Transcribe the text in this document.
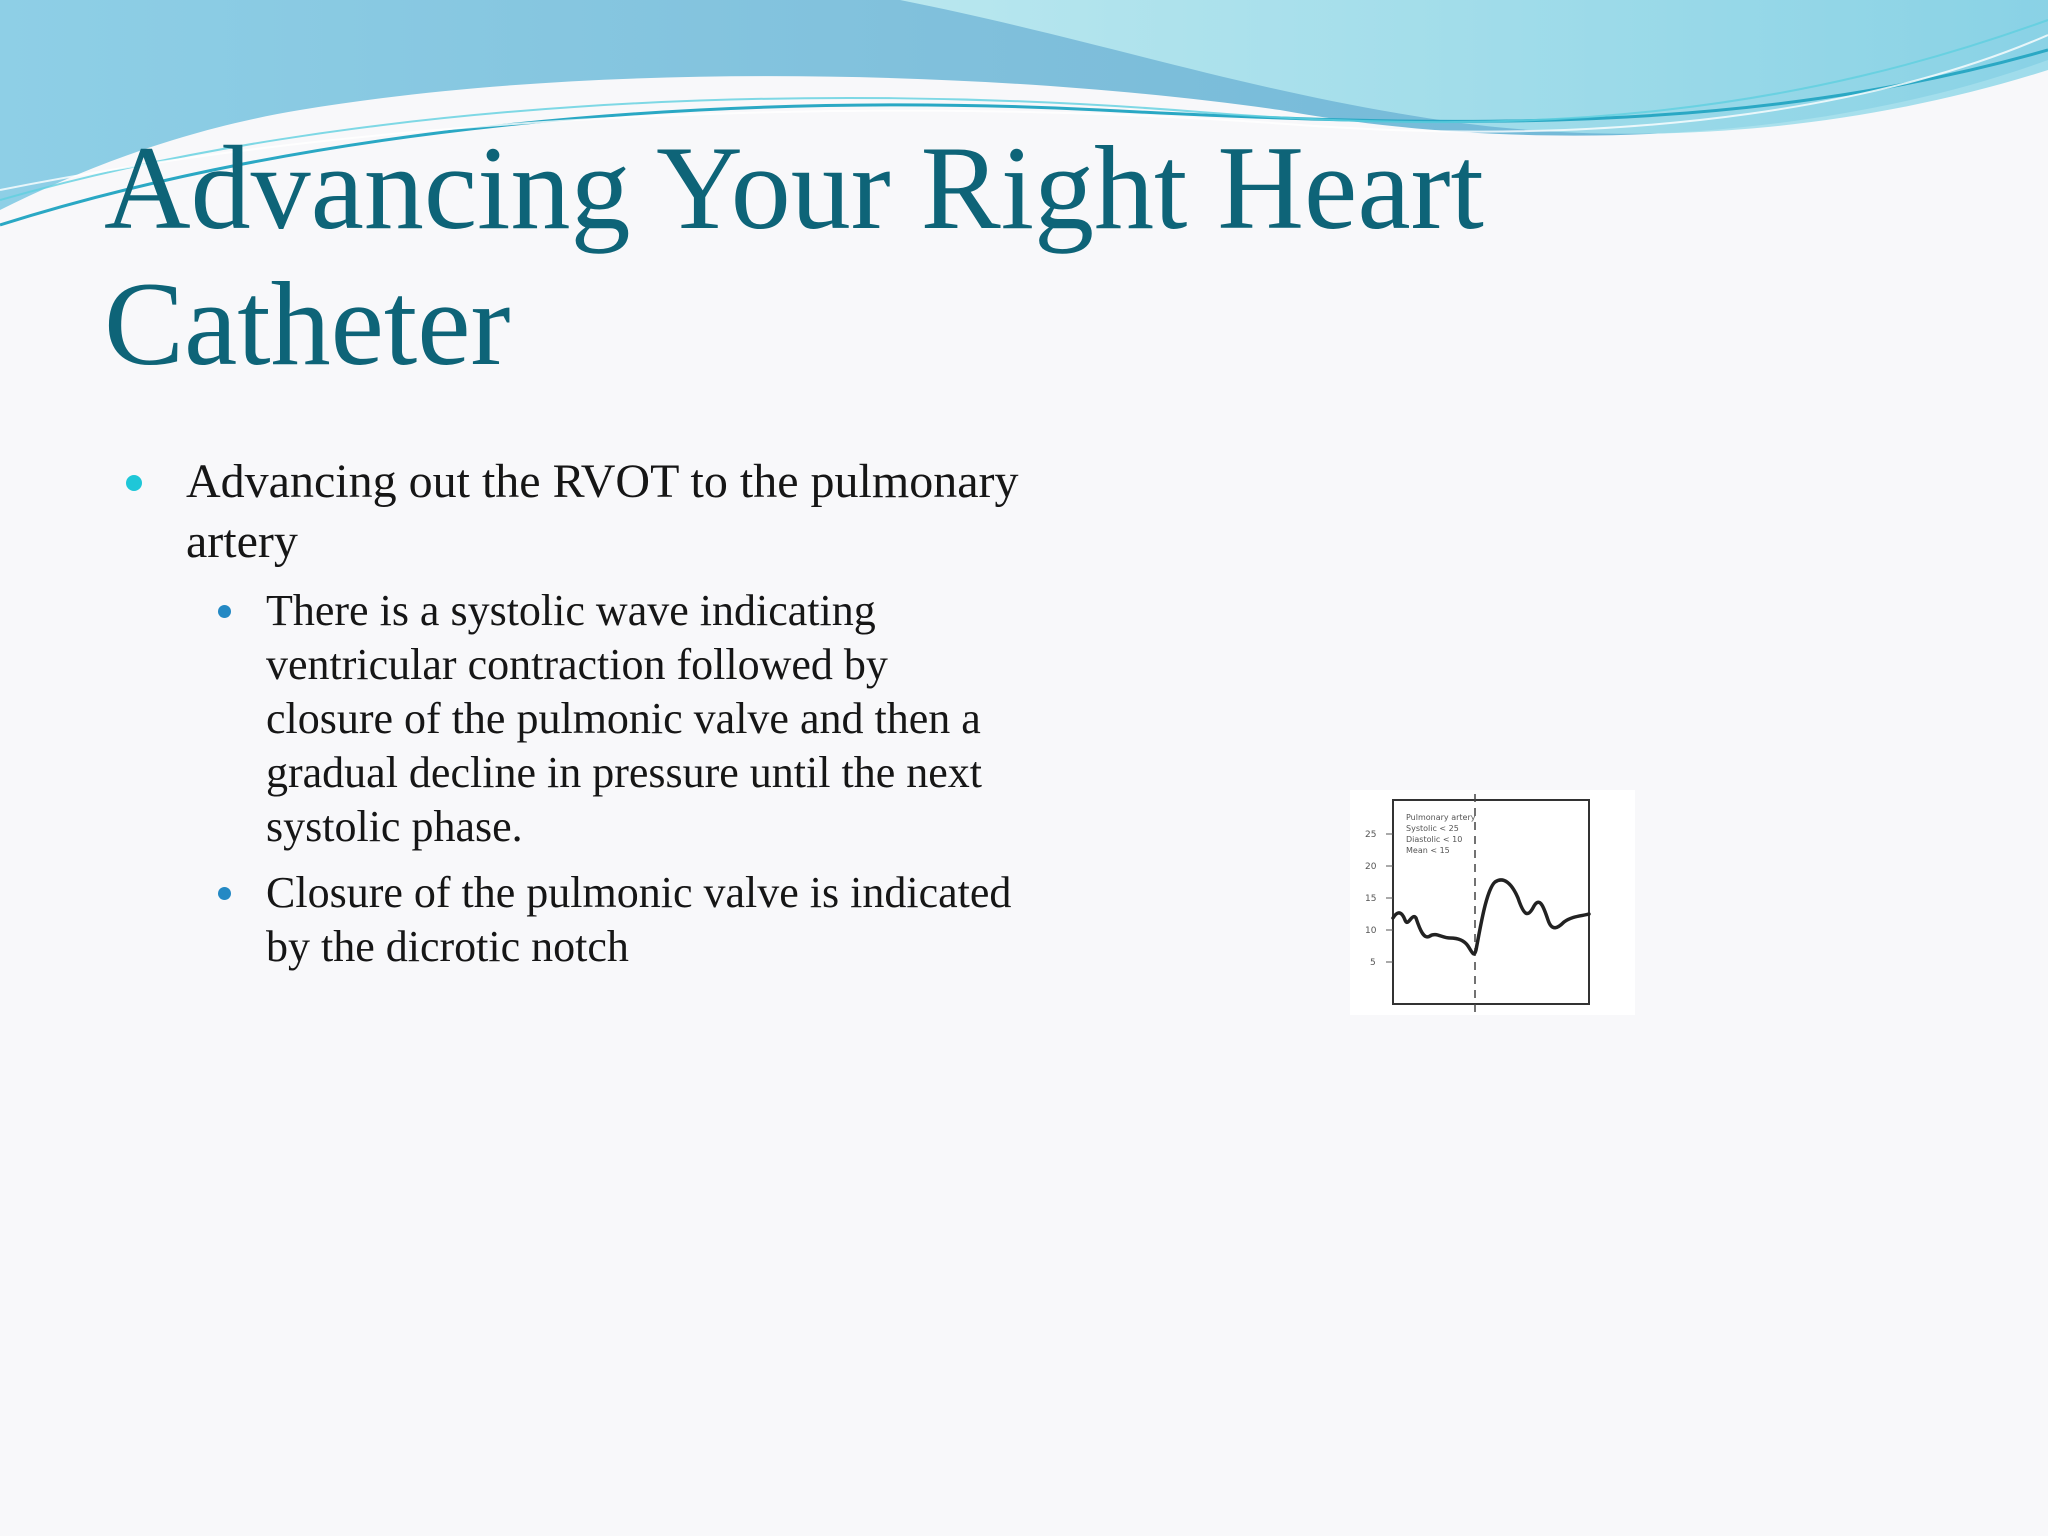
Advancing Your Right Heart Catheter
Advancing out the RVOT to the pulmonary artery
There is a systolic wave indicating ventricular contraction followed by closure of the pulmonic valve and then a gradual decline in pressure until the next systolic phase.
Closure of the pulmonic valve is indicated by the dicrotic notch
25
20
15
10
5
Pulmonary artery
Systolic < 25
Diastolic < 10
Mean < 15
